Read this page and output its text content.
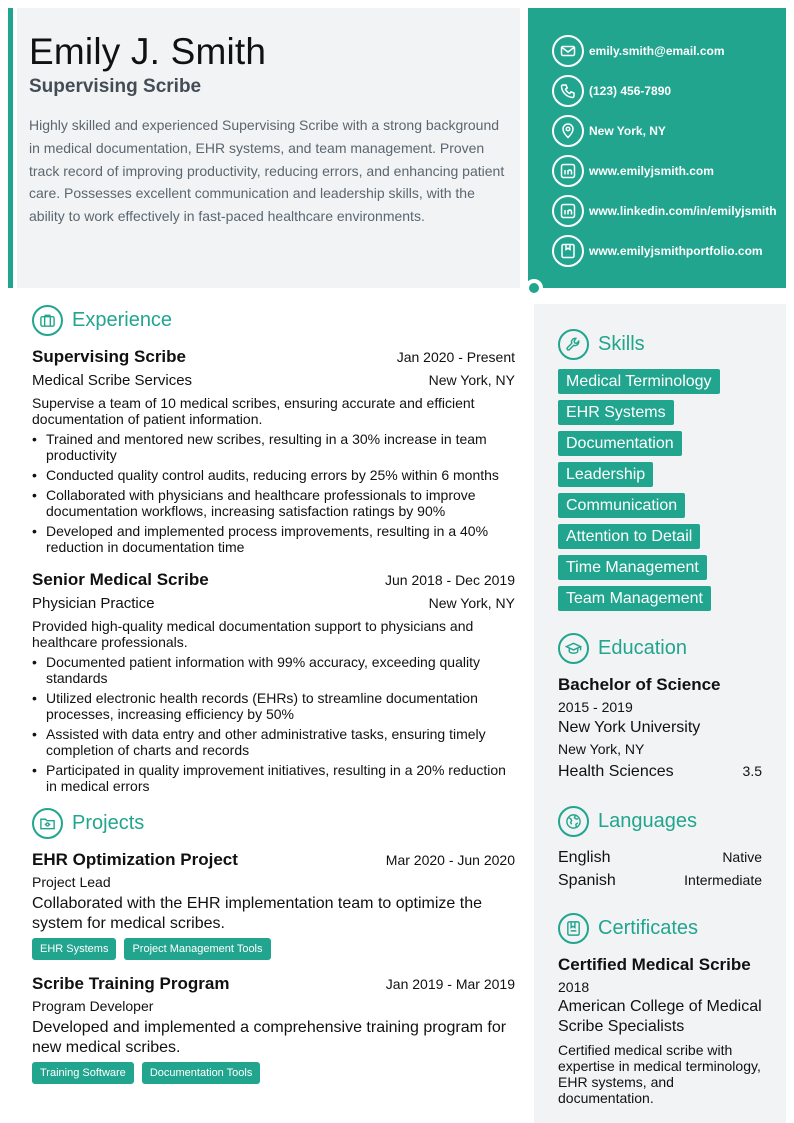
Emily J. Smith
Supervising Scribe
Highly skilled and experienced Supervising Scribe with a strong background in medical documentation, EHR systems, and team management. Proven track record of improving productivity, reducing errors, and enhancing patient care. Possesses excellent communication and leadership skills, with the ability to work effectively in fast-paced healthcare environments.
emily.smith@email.com
(123) 456-7890
New York, NY
www.emilyjsmith.com
www.linkedin.com/in/emilyjsmith
www.emilyjsmithportfolio.com
Experience
Supervising Scribe	Jan 2020 - Present
Medical Scribe Services	New York, NY
Supervise a team of 10 medical scribes, ensuring accurate and efficient documentation of patient information.
• Trained and mentored new scribes, resulting in a 30% increase in team productivity
• Conducted quality control audits, reducing errors by 25% within 6 months
• Collaborated with physicians and healthcare professionals to improve documentation workflows, increasing satisfaction ratings by 90%
• Developed and implemented process improvements, resulting in a 40% reduction in documentation time
Senior Medical Scribe	Jun 2018 - Dec 2019
Physician Practice	New York, NY
Provided high-quality medical documentation support to physicians and healthcare professionals.
• Documented patient information with 99% accuracy, exceeding quality standards
• Utilized electronic health records (EHRs) to streamline documentation processes, increasing efficiency by 50%
• Assisted with data entry and other administrative tasks, ensuring timely completion of charts and records
• Participated in quality improvement initiatives, resulting in a 20% reduction in medical errors
Projects
EHR Optimization Project	Mar 2020 - Jun 2020
Project Lead
Collaborated with the EHR implementation team to optimize the system for medical scribes.
EHR Systems	Project Management Tools
Scribe Training Program	Jan 2019 - Mar 2019
Program Developer
Developed and implemented a comprehensive training program for new medical scribes.
Training Software	Documentation Tools
Skills
Medical Terminology
EHR Systems
Documentation
Leadership
Communication
Attention to Detail
Time Management
Team Management
Education
Bachelor of Science
2015 - 2019
New York University
New York, NY
Health Sciences	3.5
Languages
English	Native
Spanish	Intermediate
Certificates
Certified Medical Scribe
2018
American College of Medical Scribe Specialists
Certified medical scribe with expertise in medical terminology, EHR systems, and documentation.
